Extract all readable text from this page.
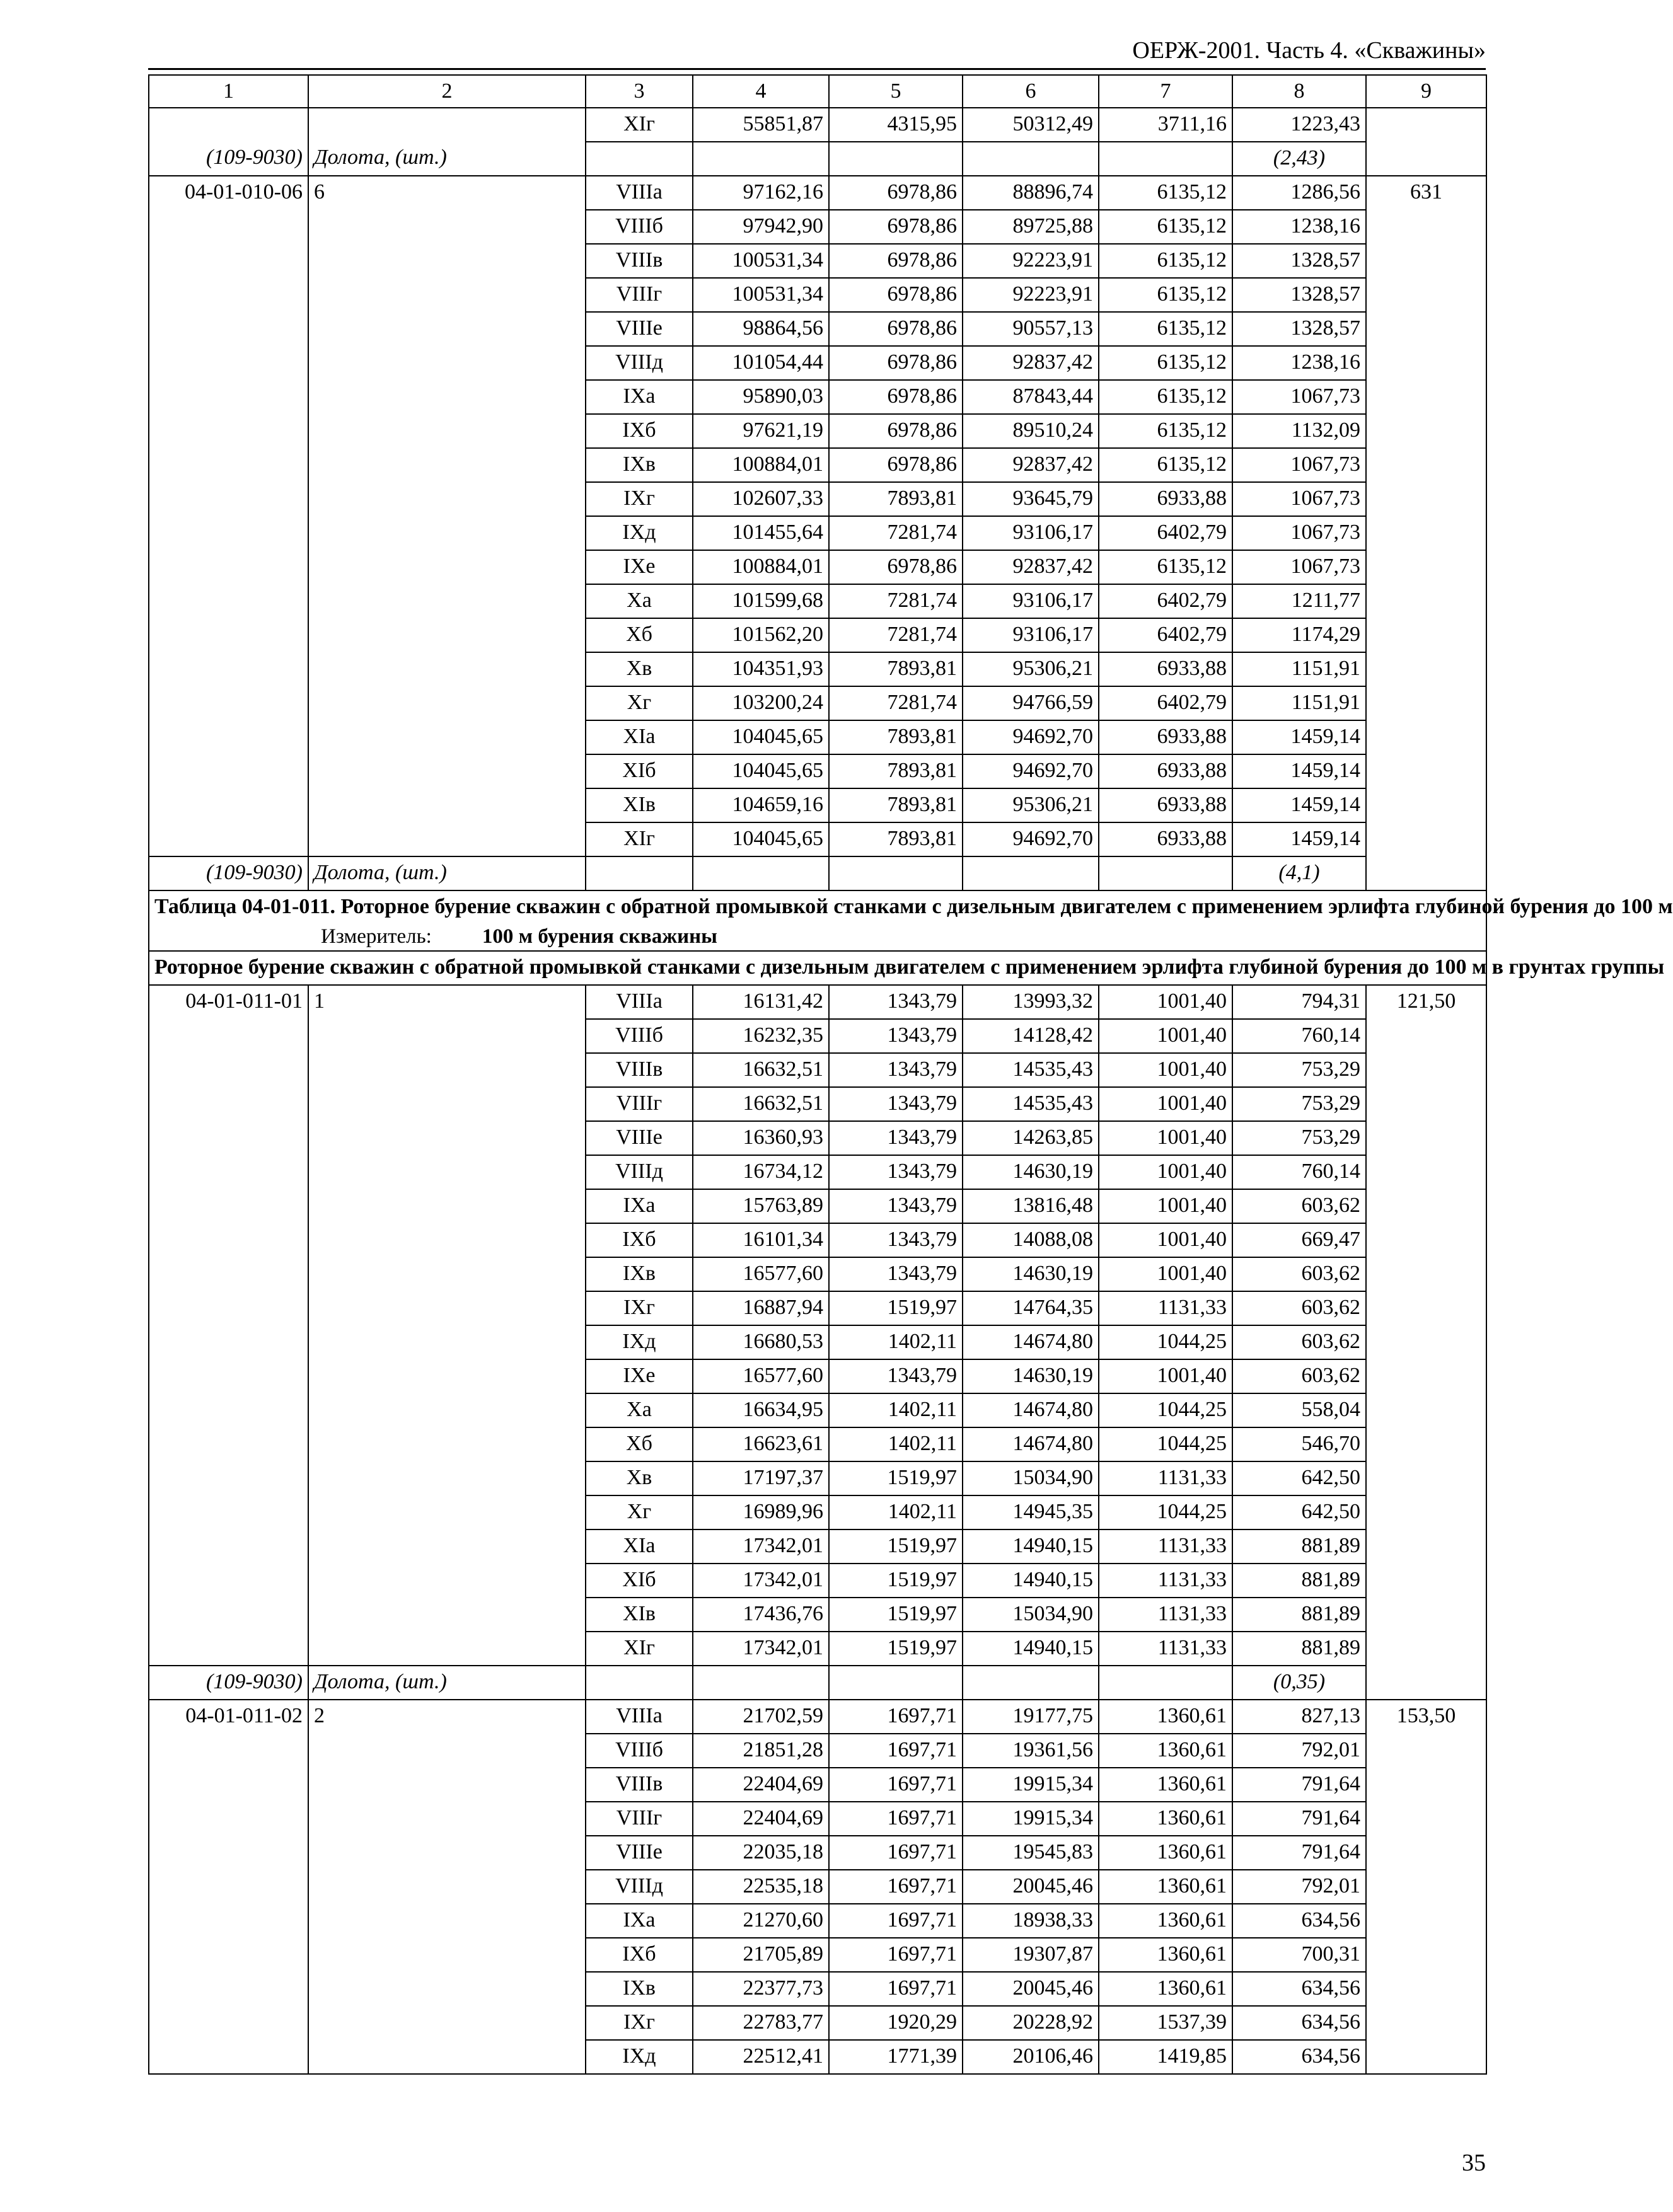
ОЕРЖ-2001. Часть 4. «Скважины»
1	2	3	4	5	6	7	8	9
		XIг	55851,87	4315,95	50312,49	3711,16	1223,43	
(109-9030)	Долота, (шт.)						(2,43)	
04-01-010-06	6	VIIIа	97162,16	6978,86	88896,74	6135,12	1286,56	631
		VIIIб	97942,90	6978,86	89725,88	6135,12	1238,16	
		VIIIв	100531,34	6978,86	92223,91	6135,12	1328,57	
		VIIIг	100531,34	6978,86	92223,91	6135,12	1328,57	
		VIIIе	98864,56	6978,86	90557,13	6135,12	1328,57	
		VIIIд	101054,44	6978,86	92837,42	6135,12	1238,16	
		IXа	95890,03	6978,86	87843,44	6135,12	1067,73	
		IXб	97621,19	6978,86	89510,24	6135,12	1132,09	
		IXв	100884,01	6978,86	92837,42	6135,12	1067,73	
		IXг	102607,33	7893,81	93645,79	6933,88	1067,73	
		IXд	101455,64	7281,74	93106,17	6402,79	1067,73	
		IXе	100884,01	6978,86	92837,42	6135,12	1067,73	
		Xа	101599,68	7281,74	93106,17	6402,79	1211,77	
		Xб	101562,20	7281,74	93106,17	6402,79	1174,29	
		Xв	104351,93	7893,81	95306,21	6933,88	1151,91	
		Xг	103200,24	7281,74	94766,59	6402,79	1151,91	
		XIа	104045,65	7893,81	94692,70	6933,88	1459,14	
		XIб	104045,65	7893,81	94692,70	6933,88	1459,14	
		XIв	104659,16	7893,81	95306,21	6933,88	1459,14	
		XIг	104045,65	7893,81	94692,70	6933,88	1459,14	
(109-9030)	Долота, (шт.)						(4,1)	

Таблица 04-01-011. Роторное бурение скважин с обратной промывкой станками с дизельным двигателем с применением эрлифта глубиной бурения до 100 м
Измеритель: 100 м бурения скважины								

Роторное бурение скважин с обратной промывкой станками с дизельным двигателем с применением эрлифта глубиной бурения до 100 м в грунтах группы								
04-01-011-01	1	VIIIа	16131,42	1343,79	13993,32	1001,40	794,31	121,50
		VIIIб	16232,35	1343,79	14128,42	1001,40	760,14	
		VIIIв	16632,51	1343,79	14535,43	1001,40	753,29	
		VIIIг	16632,51	1343,79	14535,43	1001,40	753,29	
		VIIIе	16360,93	1343,79	14263,85	1001,40	753,29	
		VIIIд	16734,12	1343,79	14630,19	1001,40	760,14	
		IXа	15763,89	1343,79	13816,48	1001,40	603,62	
		IXб	16101,34	1343,79	14088,08	1001,40	669,47	
		IXв	16577,60	1343,79	14630,19	1001,40	603,62	
		IXг	16887,94	1519,97	14764,35	1131,33	603,62	
		IXд	16680,53	1402,11	14674,80	1044,25	603,62	
		IXе	16577,60	1343,79	14630,19	1001,40	603,62	
		Xа	16634,95	1402,11	14674,80	1044,25	558,04	
		Xб	16623,61	1402,11	14674,80	1044,25	546,70	
		Xв	17197,37	1519,97	15034,90	1131,33	642,50	
		Xг	16989,96	1402,11	14945,35	1044,25	642,50	
		XIа	17342,01	1519,97	14940,15	1131,33	881,89	
		XIб	17342,01	1519,97	14940,15	1131,33	881,89	
		XIв	17436,76	1519,97	15034,90	1131,33	881,89	
		XIг	17342,01	1519,97	14940,15	1131,33	881,89	
(109-9030)	Долота, (шт.)						(0,35)	
04-01-011-02	2	VIIIа	21702,59	1697,71	19177,75	1360,61	827,13	153,50
		VIIIб	21851,28	1697,71	19361,56	1360,61	792,01	
		VIIIв	22404,69	1697,71	19915,34	1360,61	791,64	
		VIIIг	22404,69	1697,71	19915,34	1360,61	791,64	
		VIIIе	22035,18	1697,71	19545,83	1360,61	791,64	
		VIIIд	22535,18	1697,71	20045,46	1360,61	792,01	
		IXа	21270,60	1697,71	18938,33	1360,61	634,56	
		IXб	21705,89	1697,71	19307,87	1360,61	700,31	
		IXв	22377,73	1697,71	20045,46	1360,61	634,56	
		IXг	22783,77	1920,29	20228,92	1537,39	634,56	
		IXд	22512,41	1771,39	20106,46	1419,85	634,56	
35
